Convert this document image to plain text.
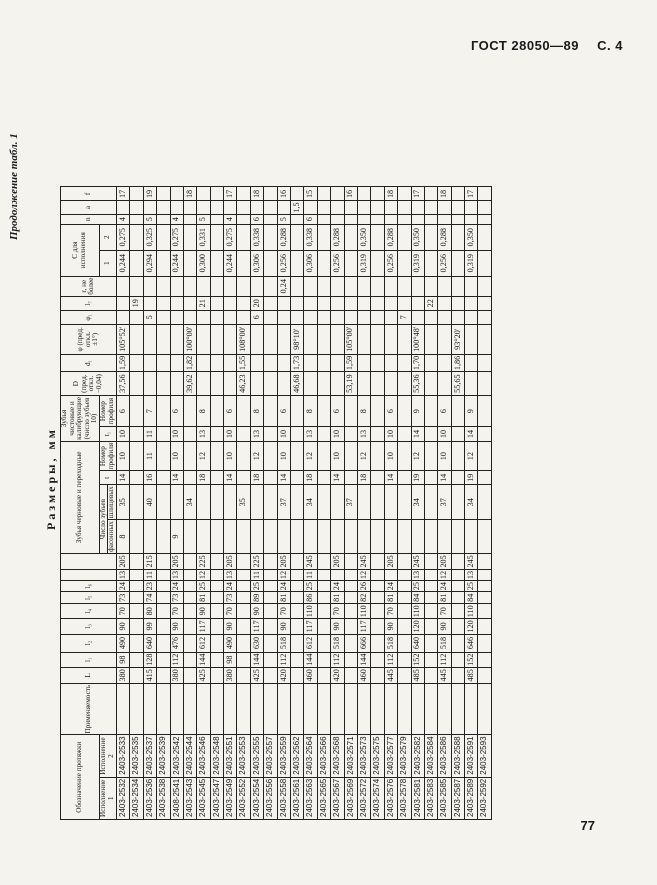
ГОСТ 28050—89 С. 4
Продолжение табл. 1
Размеры, мм
Обозначение протяжки		Применяемость	L	l₁	l₂	l₃	l₄	l₅	l₆			Зубья черновые и переходные				Зубья чистовые и калибрующие (число зубьев 10)		D (пред. откл. −0,04)	d₁	φ (пред. откл. ±1°)	φ₁	l₇	r, не более	C для исполнения		n	a	f
Исполнение 1	Исполнение 2											Число зубьев		t	Номер профиля	t₁	Номер профиля							1	2			
												фасонных	шлицевых															
2403-2532	2403-2533		380	98	490	90	70	73	24	13	205	8	35	14	10	10	6	37,56	1,59	105°52'				0,244	0,275	4		17
2403-2534	2403-2535																					19						
2403-2536	2403-2537		415	128	640	99	80	74	23	11	215		40	16	11	11	7				5			0,294	0,325	5		19
2403-2538	2403-2539																											
2408-2541	2403-2542		380	112	476	90	70	73	24	13	205	9		14	10	10	6							0,244	0,275	4		
2403-2543	2403-2544												34					39,62	1,82	100°00'								18
2403-2545	2403-2546		425	144	612	117	90	81	25	12	225			18	12	13	8					21		0,300	0,331	5		
2403-2547	2403-2548																											
2403-2549	2403-2551		380	98	490	90	70	73	24	13	205			14	10	10	6							0,244	0,275	4		17
2403-2552	2403-2553												35					46,23	1,55	108°00'								
2403-2554	2403-2555		425	144	630	117	90	89	25	11	225			18	12	13	8				6	20		0,306	0,338	6		18
2403-2556	2403-2557																											
2403-2558	2403-2559		420	112	518	90	70	81	24	12	205		37	14	10	10	6						0,24	0,256	0,288	5		16
2403-2561	2403-2562																	46,68	1,73	98°10'							1,5	
2403-2563	2403-2564		460	144	612	117	110	86	25	11	245		34	18	12	13	8							0,306	0,338	6		15
2403-2565	2403-2566																											
2403-2567	2403-2568		420	112	518	90	70	81	24		205			14	10	10	6							0,256	0,288			
2403-2569	2403-2571												37					53,19	1,59	105°00'								16
2403-2572	2403-2573		460	144	666	117	110	82	26	12	245			18	12	13	8							0,319	0,350			
2403-2574	2403-2575																											
2403-2576	2403-2577		445	112	518	90	70	81	24		205			14	10	10	6							0,256	0,288			18
2403-2578	2403-2579																				7							
2403-2581	2403-2582		485	152	640	120	110	84	25	13	245		34	19	12	14	9	55,36	1,70	100°48'				0,319	0,350			17
2403-2583	2403-2584																					22						
2403-2585	2403-2586		445	112	518	90	70	81	24	12	205		37	14	10	10	6							0,256	0,288			18
2403-2587	2403-2588																	55,65	1,86	93°20'								
2403-2589	2403-2591		485	152	646	120	110	84	25	13	245		34	19	12	14	9							0,319	0,350			17
2403-2592	2403-2593																											
77
